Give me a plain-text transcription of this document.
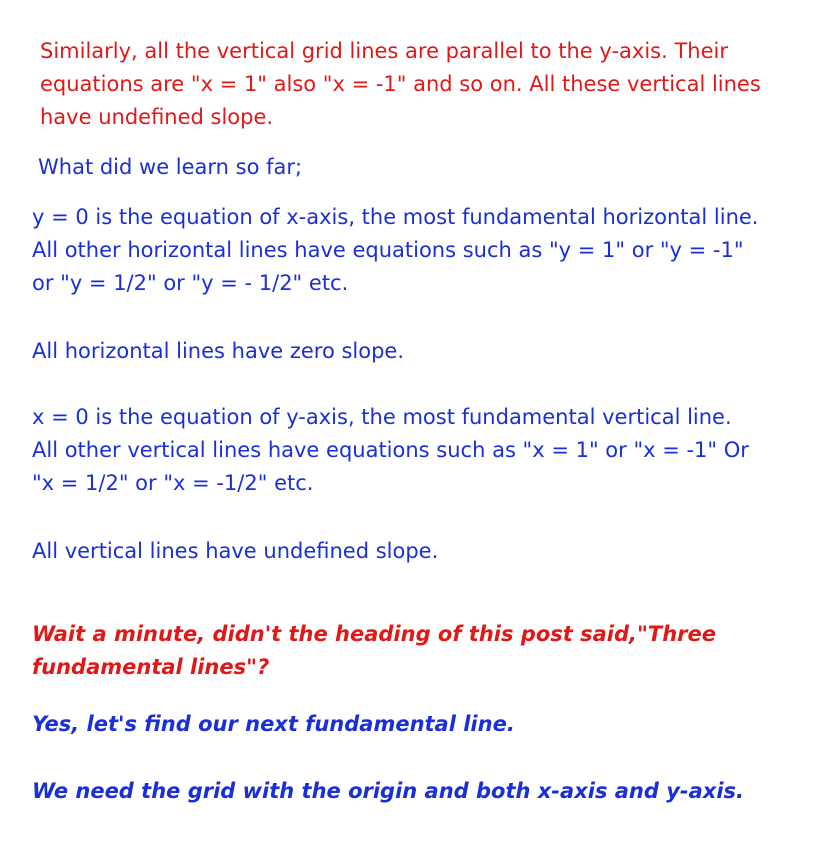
Similarly, all the vertical grid lines are parallel to the y-axis. Their
equations are "x = 1" also "x = -1" and so on. All these vertical lines
have undefined slope.
What did we learn so far;
y = 0 is the equation of x-axis, the most fundamental horizontal line.
All other horizontal lines have equations such as "y = 1" or "y = -1"
or "y = 1/2" or "y = - 1/2" etc.
All horizontal lines have zero slope.
x = 0 is the equation of y-axis, the most fundamental vertical line.
All other vertical lines have equations such as "x = 1" or "x = -1" Or
"x = 1/2" or "x = -1/2" etc.
All vertical lines have undefined slope.
Wait a minute, didn't the heading of this post said,"Three
fundamental lines"?
Yes, let's find our next fundamental line.
We need the grid with the origin and both x-axis and y-axis.
